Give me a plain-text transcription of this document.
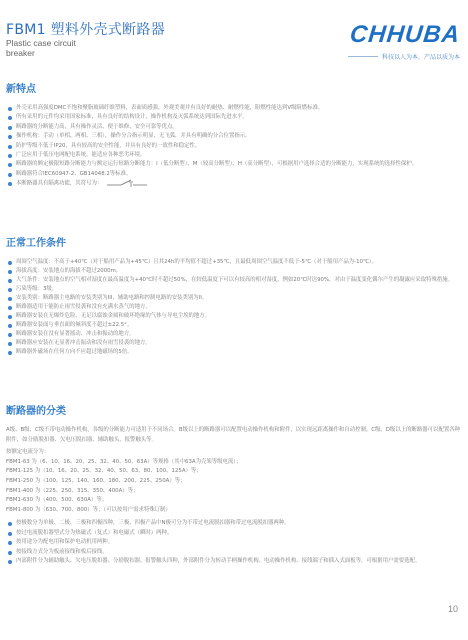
FBM1 塑料外壳式断路器
Plastic case circuit
breaker
CHHUBA
科技以人为本，产品以质为本
新特点
外壳采用高强度DMC不饱和聚脂玻璃纤维塑料，表面质感强，外观美观并有良好的耐热、耐燃性能，阻燃性能达到V级阻燃标准。
所有采用的元件均采用国家标准，具有良好的结构设计，操作机构及灭弧系统达到国际先进水平。
断路器的分断能力高，具有操作灵活、便于维修、安全可靠等优点。
操作机构：手动（单相、两相、三相），操作分合指示明显，无飞弧，并具有明确的分合位置指示。
防护等级不低于IP20，具有较高的安全性能，并具有良好的一致性和稳定性。
广泛应用于低压电网配电系统，能适应各种恶劣环境。
断路器的额定极限短路分断能力与额定运行短路分断能力：I（低分断型）、M（较高分断型）、H（高分断型），可根据用户选择合适的分断能力，实现系统的选择性保护。
断路器符合IEC60947-2、GB14048.2等标准。
本断路器具有隔离功能，其符号为：
正常工作条件
周围空气温度：不高于+40℃（对于船用产品为+45℃）且其24h的平均值不超过+35℃，且最低周围空气温度不低于-5℃（对于船用产品为-10℃）。
海拔高度：安装地点的海拔不超过2000m。
大气条件：安装地点的空气相对湿度在最高温度为+40℃时不超过50%，在较低温度下可以有较高的相对湿度，例如20℃时达90%，对由于温度变化偶尔产生的凝露应采取特殊措施。
污染等级：3级。
安装类别：断路器主电路的安装类别为III，辅助电路和控制电路的安装类别为II。
断路器适用于能防止雨雪侵袭和没有充满水蒸气的地方。
断路器安装在无爆炸危险、无足以腐蚀金属和破坏绝缘的气体与导电尘埃的地方。
断路器安装面与垂直面的倾斜度不超过±22.5°。
断路器安装在没有显著摇动、冲击和振动的地方。
断路器应安装在无显著冲击振动和没有雨雪侵袭的地方。
断路器外磁场在任何方向不应超过地磁场的5倍。
断路器的分类
A级、B级、C级不带电动操作机构，各级的分断能力可适用于不同场合。B级以上的断路器可以配置电动操作机构和附件，以实现远距离操作和自动控制。C级、D级以上的断路器可以配置各种附件，如分励脱扣器、欠电压脱扣器、辅助触头、报警触头等。
按额定电流分为：
FBM1-63 为（6、10、16、20、25、32、40、50、63A）等规格（其中63A为壳架等级电流）；
FBM1-125 为（10、16、20、25、32、40、50、63、80、100、125A）等；
FBM1-250 为（100、125、140、160、180、200、225、250A）等；
FBM1-400 为（225、250、315、350、400A）等；
FBM1-630 为（400、500、630A）等；
FBM1-800 为（630、700、800）等；（可以按用户需求特殊订制）
按极数分为单极、二极、三极和四极四种，三极、四极产品中N极可分为不带过电流脱扣器和带过电流脱扣器两种。
按过电流脱扣器型式分为热磁式（复式）和电磁式（瞬时）两种。
按用途分为配电用和保护电动机用两种。
按接线方式分为板前接线和板后接线。
内部附件分为辅助触头、欠电压脱扣器、分励脱扣器、报警触头四种，外部附件分为转动手柄操作机构、电动操作机构、接线端子和插入式面板等，可根据用户需要选配。
10
